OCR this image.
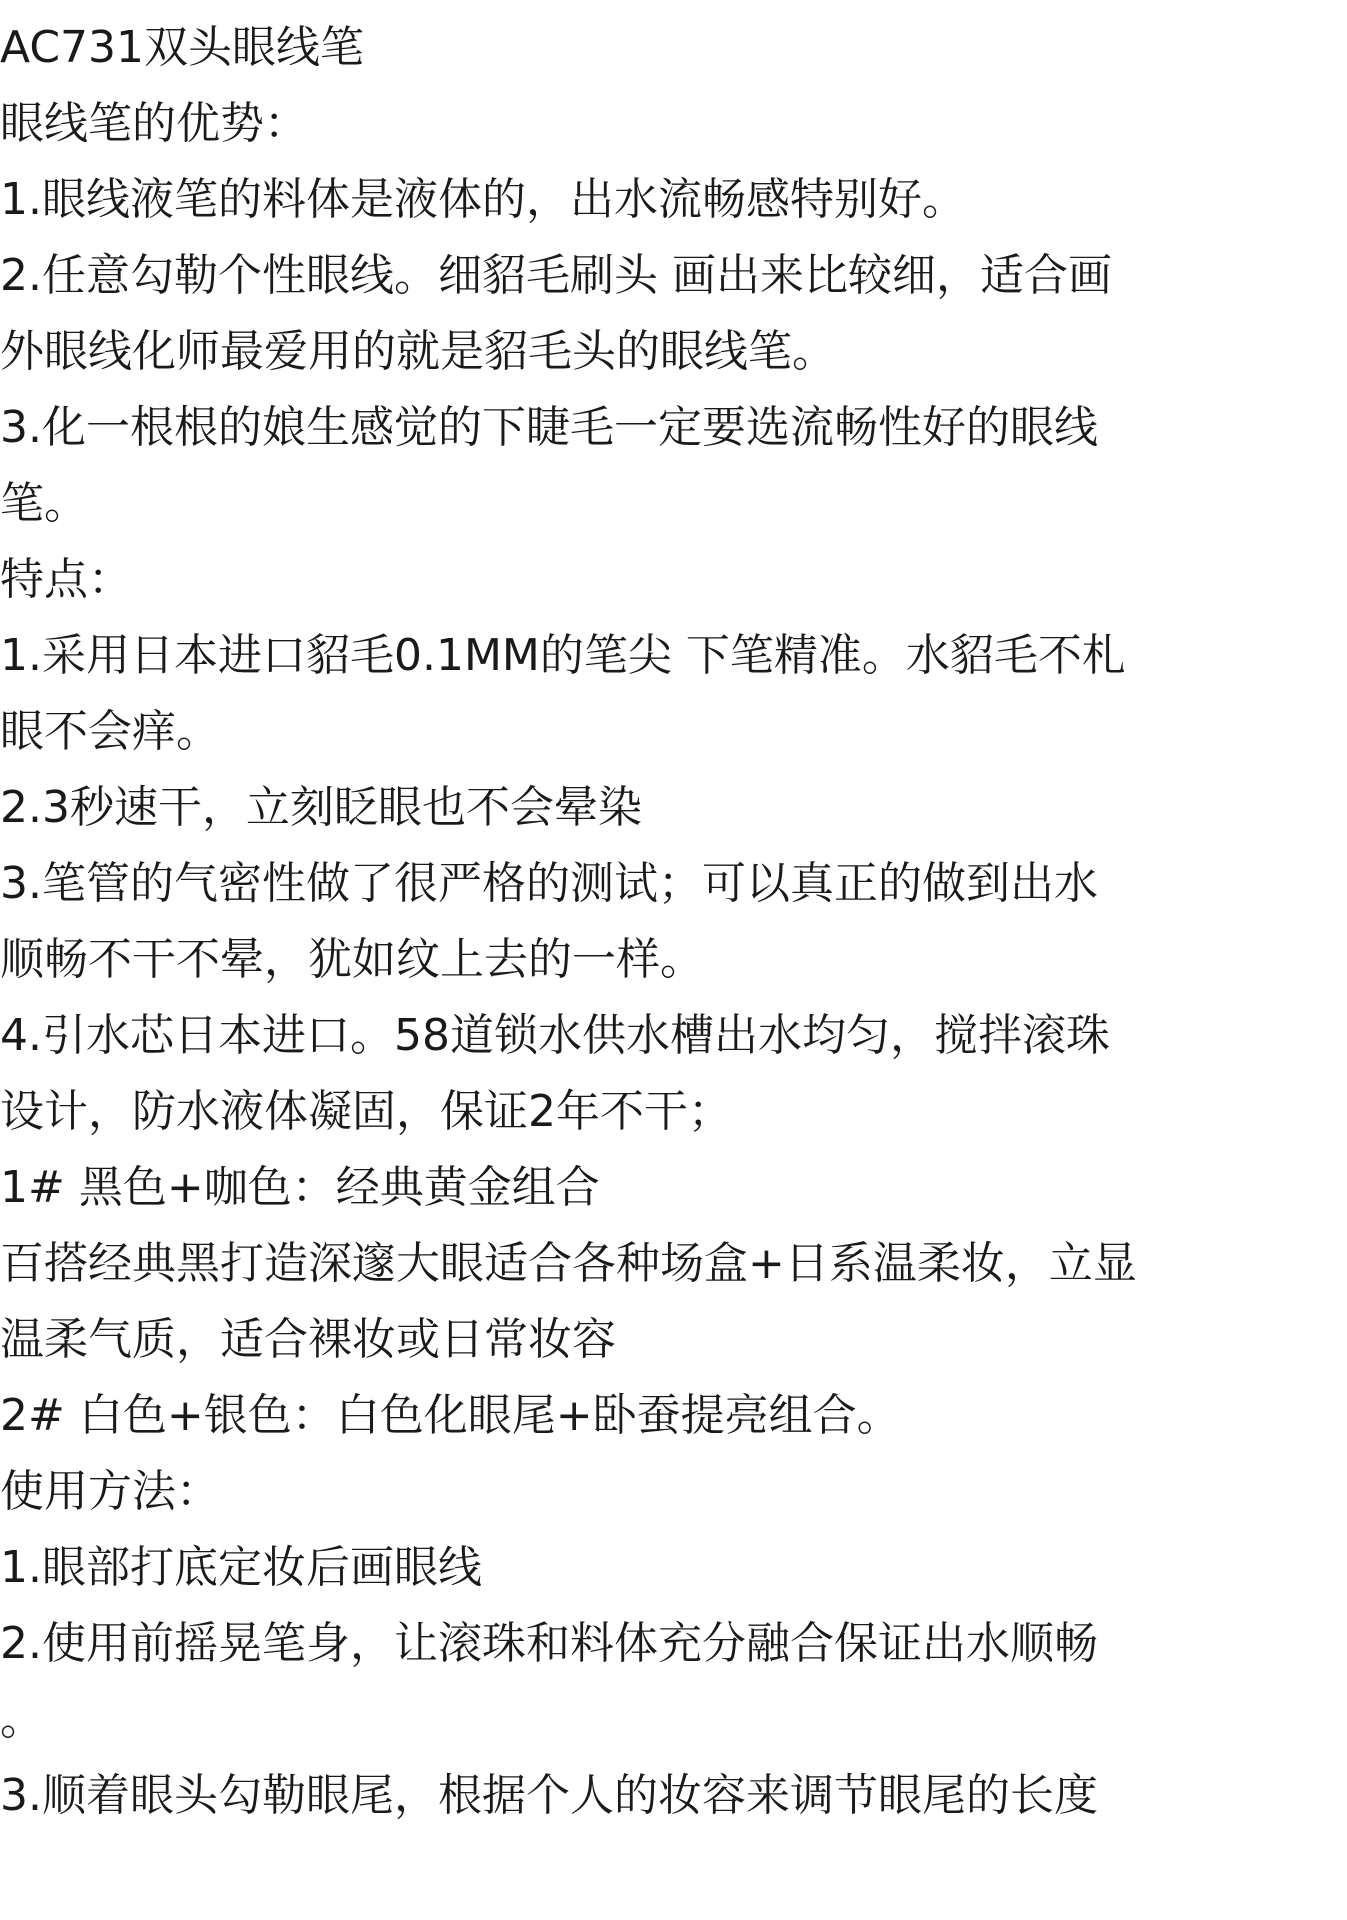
AC731双头眼线笔
眼线笔的优势：
1.眼线液笔的料体是液体的，出水流畅感特别好。
2.任意勾勒个性眼线。细貂毛刷头 画出来比较细，适合画
外眼线化师最爱用的就是貂毛头的眼线笔。
3.化一根根的娘生感觉的下睫毛一定要选流畅性好的眼线
笔。
特点：
1.采用日本进口貂毛0.1MM的笔尖 下笔精准。水貂毛不札
眼不会痒。
2.3秒速干，立刻眨眼也不会晕染
3.笔管的气密性做了很严格的测试；可以真正的做到出水
顺畅不干不晕，犹如纹上去的一样。
4.引水芯日本进口。58道锁水供水槽出水均匀，搅拌滚珠
设计，防水液体凝固，保证2年不干；
1# 黑色+咖色：经典黄金组合
百搭经典黑打造深邃大眼适合各种场盒+日系温柔妆，立显
温柔气质，适合裸妆或日常妆容
2# 白色+银色：白色化眼尾+卧蚕提亮组合。
使用方法：
1.眼部打底定妆后画眼线
2.使用前摇晃笔身，让滚珠和料体充分融合保证出水顺畅
。
3.顺着眼头勾勒眼尾，根据个人的妆容来调节眼尾的长度
